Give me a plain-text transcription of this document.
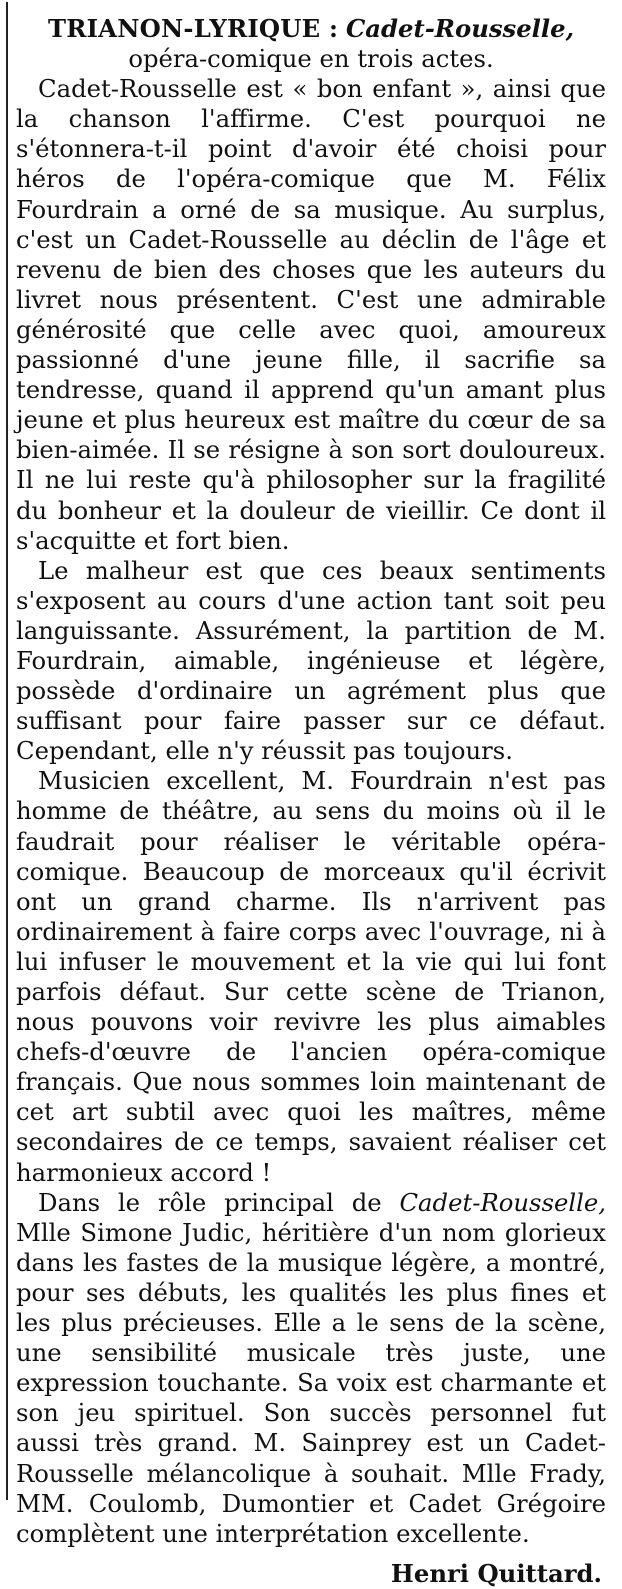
TRIANON-LYRIQUE : Cadet-Rousselle, opéra-comique en trois actes.

Cadet-Rousselle est « bon enfant », ainsi que la chanson l'affirme. C'est pourquoi ne s'étonnera-t-il point d'avoir été choisi pour héros de l'opéra-comique que M. Félix Fourdrain a orné de sa musique. Au surplus, c'est un Cadet-Rousselle au déclin de l'âge et revenu de bien des choses que les auteurs du livret nous présentent. C'est une admirable générosité que celle avec quoi, amoureux passionné d'une jeune fille, il sacrifie sa tendresse, quand il apprend qu'un amant plus jeune et plus heureux est maître du cœur de sa bien-aimée. Il se résigne à son sort douloureux. Il ne lui reste qu'à philosopher sur la fragilité du bonheur et la douleur de vieillir. Ce dont il s'acquitte et fort bien.

Le malheur est que ces beaux sentiments s'exposent au cours d'une action tant soit peu languissante. Assurément, la partition de M. Fourdrain, aimable, ingénieuse et légère, possède d'ordinaire un agrément plus que suffisant pour faire passer sur ce défaut. Cependant, elle n'y réussit pas toujours.

Musicien excellent, M. Fourdrain n'est pas homme de théâtre, au sens du moins où il le faudrait pour réaliser le véritable opéra-comique. Beaucoup de morceaux qu'il écrivit ont un grand charme. Ils n'arrivent pas ordinairement à faire corps avec l'ouvrage, ni à lui infuser le mouvement et la vie qui lui font parfois défaut. Sur cette scène de Trianon, nous pouvons voir revivre les plus aimables chefs-d'œuvre de l'ancien opéra-comique français. Que nous sommes loin maintenant de cet art subtil avec quoi les maîtres, même secondaires de ce temps, savaient réaliser cet harmonieux accord !

Dans le rôle principal de Cadet-Rousselle, Mlle Simone Judic, héritière d'un nom glorieux dans les fastes de la musique légère, a montré, pour ses débuts, les qualités les plus fines et les plus précieuses. Elle a le sens de la scène, une sensibilité musicale très juste, une expression touchante. Sa voix est charmante et son jeu spirituel. Son succès personnel fut aussi très grand. M. Sainprey est un Cadet-Rousselle mélancolique à souhait. Mlle Frady, MM. Coulomb, Dumontier et Cadet Grégoire complètent une interprétation excellente.

Henri Quittard.
